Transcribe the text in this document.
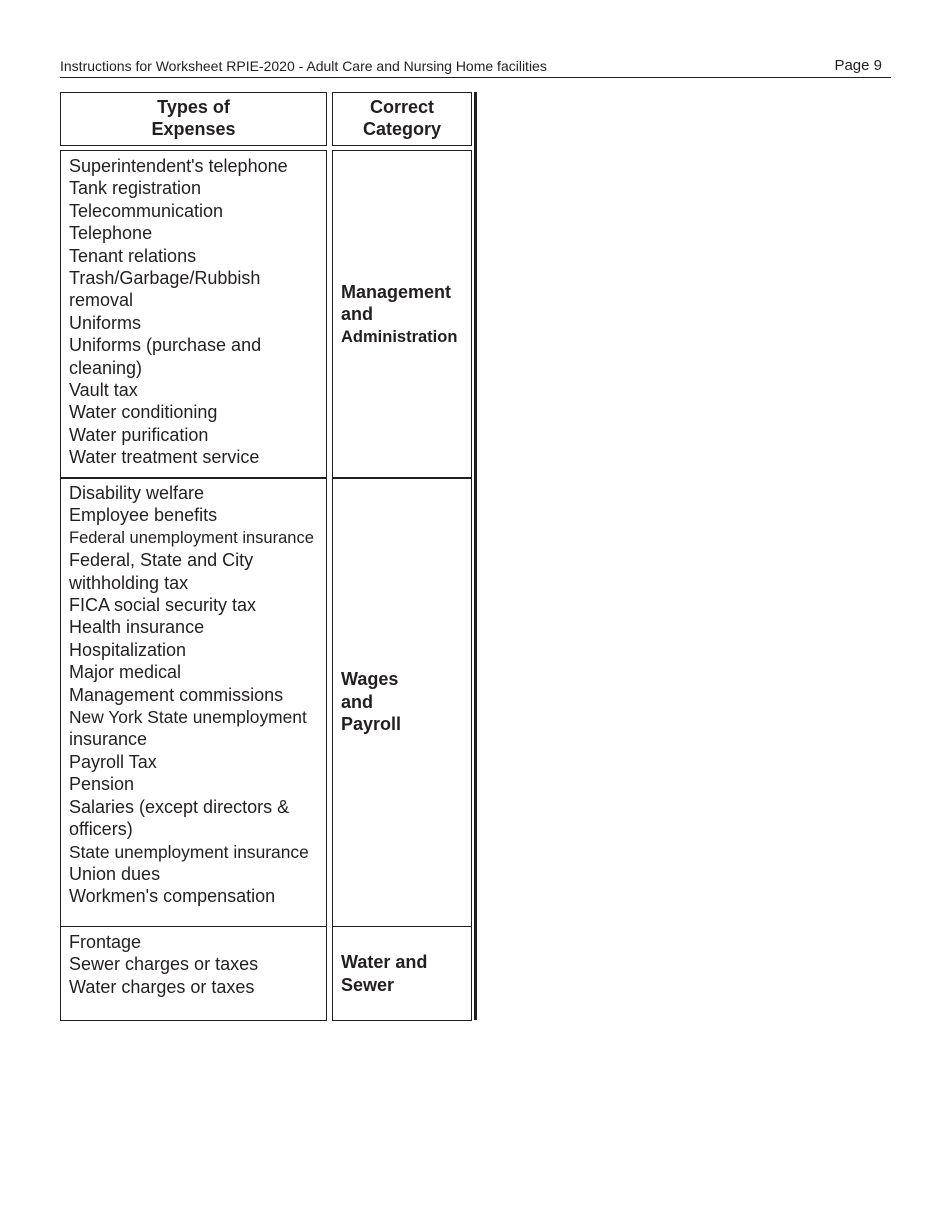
Instructions for Worksheet RPIE-2020 - Adult Care and Nursing Home facilities	Page 9
Types of
Expenses
Correct
Category
Superintendent's telephone
Tank registration
Telecommunication
Telephone
Tenant relations
Trash/Garbage/Rubbish
removal
Uniforms
Uniforms (purchase and
cleaning)
Vault tax
Water conditioning
Water purification
Water treatment service
Management
and
Administration
Disability welfare
Employee benefits
Federal unemployment insurance
Federal, State and City
withholding tax
FICA social security tax
Health insurance
Hospitalization
Major medical
Management commissions
New York State unemployment
insurance
Payroll Tax
Pension
Salaries (except directors &
officers)
State unemployment insurance
Union dues
Workmen's compensation
Wages
and
Payroll
Frontage
Sewer charges or taxes
Water charges or taxes
Water and
Sewer
